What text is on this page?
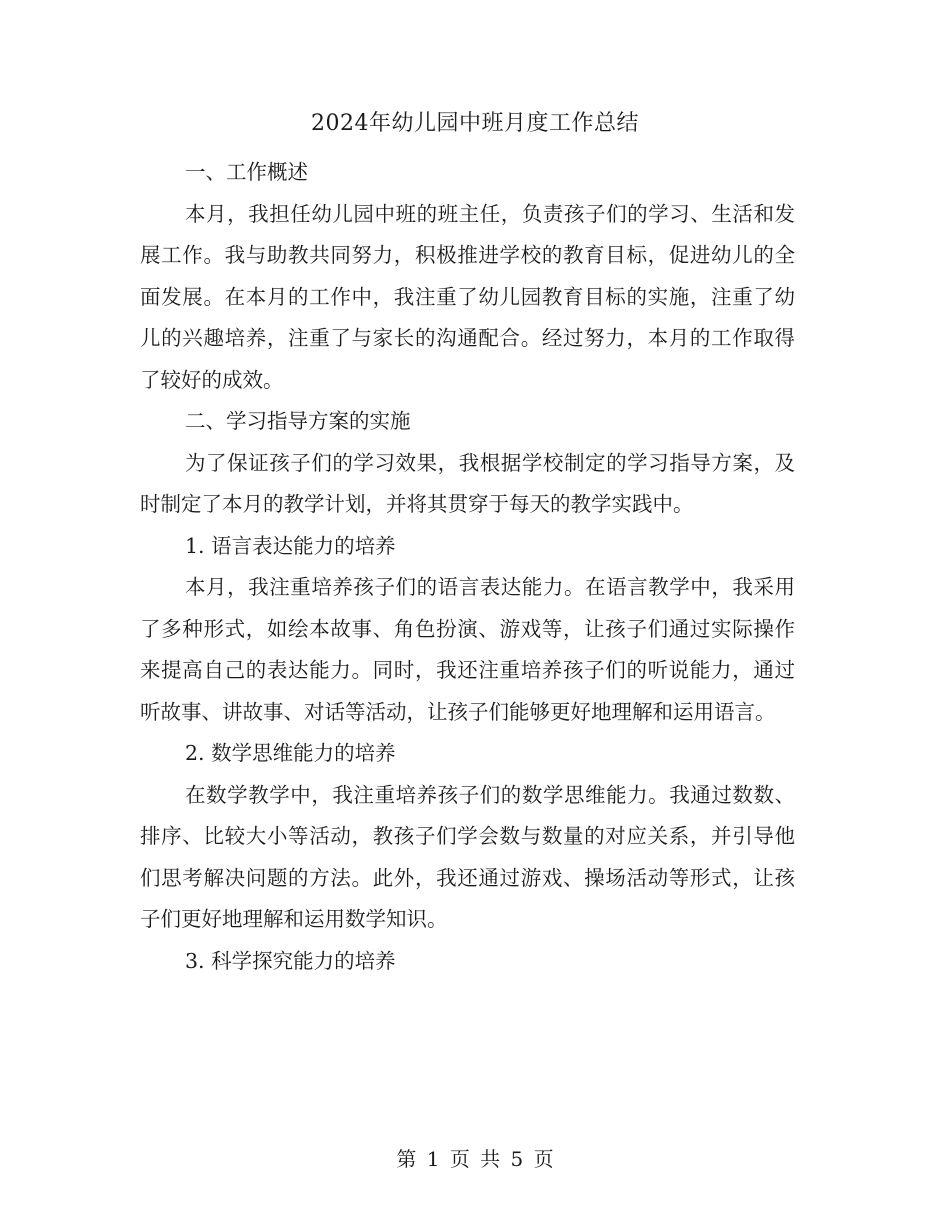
2024年幼儿园中班月度工作总结

一、工作概述

本月，我担任幼儿园中班的班主任，负责孩子们的学习、生活和发展工作。我与助教共同努力，积极推进学校的教育目标，促进幼儿的全面发展。在本月的工作中，我注重了幼儿园教育目标的实施，注重了幼儿的兴趣培养，注重了与家长的沟通配合。经过努力，本月的工作取得了较好的成效。

二、学习指导方案的实施

为了保证孩子们的学习效果，我根据学校制定的学习指导方案，及时制定了本月的教学计划，并将其贯穿于每天的教学实践中。

1. 语言表达能力的培养

本月，我注重培养孩子们的语言表达能力。在语言教学中，我采用了多种形式，如绘本故事、角色扮演、游戏等，让孩子们通过实际操作来提高自己的表达能力。同时，我还注重培养孩子们的听说能力，通过听故事、讲故事、对话等活动，让孩子们能够更好地理解和运用语言。

2. 数学思维能力的培养

在数学教学中，我注重培养孩子们的数学思维能力。我通过数数、排序、比较大小等活动，教孩子们学会数与数量的对应关系，并引导他们思考解决问题的方法。此外，我还通过游戏、操场活动等形式，让孩子们更好地理解和运用数学知识。

3. 科学探究能力的培养

第 1 页 共 5 页
